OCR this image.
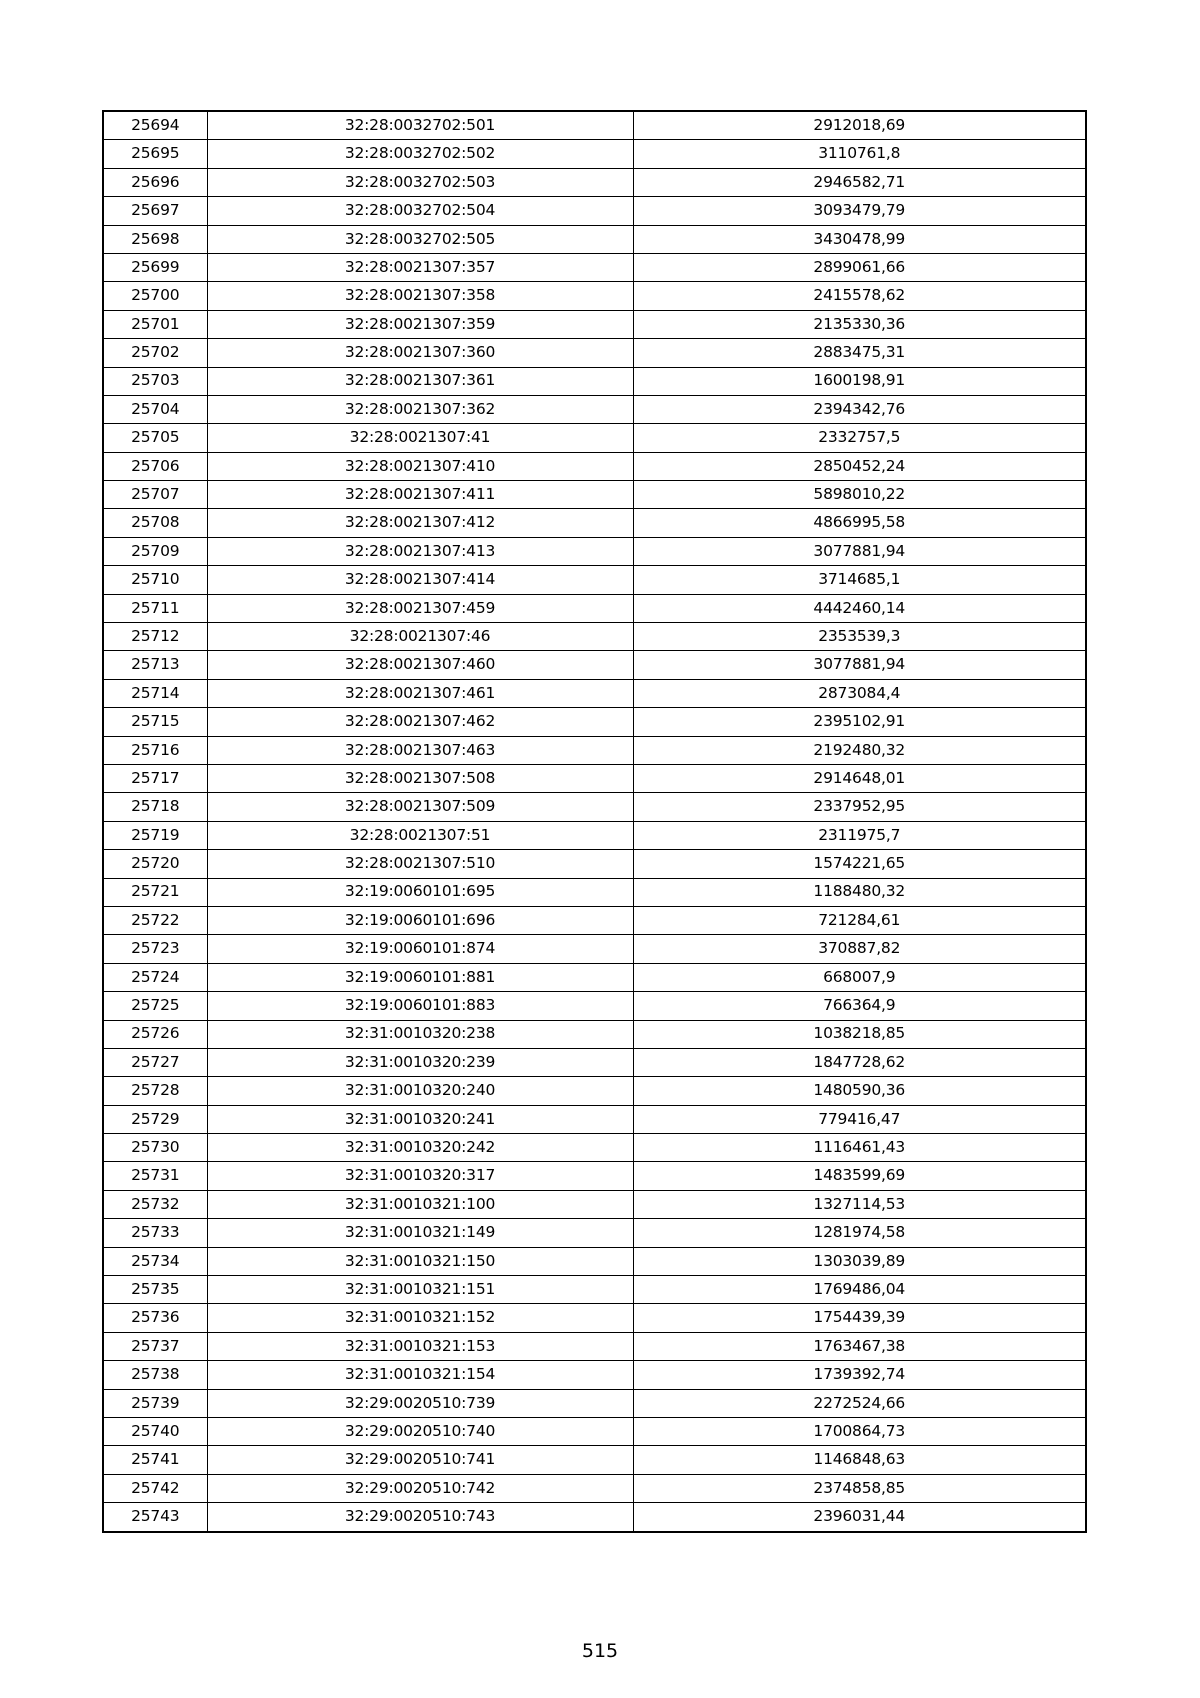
25694	32:28:0032702:501	2912018,69
25695	32:28:0032702:502	3110761,8
25696	32:28:0032702:503	2946582,71
25697	32:28:0032702:504	3093479,79
25698	32:28:0032702:505	3430478,99
25699	32:28:0021307:357	2899061,66
25700	32:28:0021307:358	2415578,62
25701	32:28:0021307:359	2135330,36
25702	32:28:0021307:360	2883475,31
25703	32:28:0021307:361	1600198,91
25704	32:28:0021307:362	2394342,76
25705	32:28:0021307:41	2332757,5
25706	32:28:0021307:410	2850452,24
25707	32:28:0021307:411	5898010,22
25708	32:28:0021307:412	4866995,58
25709	32:28:0021307:413	3077881,94
25710	32:28:0021307:414	3714685,1
25711	32:28:0021307:459	4442460,14
25712	32:28:0021307:46	2353539,3
25713	32:28:0021307:460	3077881,94
25714	32:28:0021307:461	2873084,4
25715	32:28:0021307:462	2395102,91
25716	32:28:0021307:463	2192480,32
25717	32:28:0021307:508	2914648,01
25718	32:28:0021307:509	2337952,95
25719	32:28:0021307:51	2311975,7
25720	32:28:0021307:510	1574221,65
25721	32:19:0060101:695	1188480,32
25722	32:19:0060101:696	721284,61
25723	32:19:0060101:874	370887,82
25724	32:19:0060101:881	668007,9
25725	32:19:0060101:883	766364,9
25726	32:31:0010320:238	1038218,85
25727	32:31:0010320:239	1847728,62
25728	32:31:0010320:240	1480590,36
25729	32:31:0010320:241	779416,47
25730	32:31:0010320:242	1116461,43
25731	32:31:0010320:317	1483599,69
25732	32:31:0010321:100	1327114,53
25733	32:31:0010321:149	1281974,58
25734	32:31:0010321:150	1303039,89
25735	32:31:0010321:151	1769486,04
25736	32:31:0010321:152	1754439,39
25737	32:31:0010321:153	1763467,38
25738	32:31:0010321:154	1739392,74
25739	32:29:0020510:739	2272524,66
25740	32:29:0020510:740	1700864,73
25741	32:29:0020510:741	1146848,63
25742	32:29:0020510:742	2374858,85
25743	32:29:0020510:743	2396031,44
515
